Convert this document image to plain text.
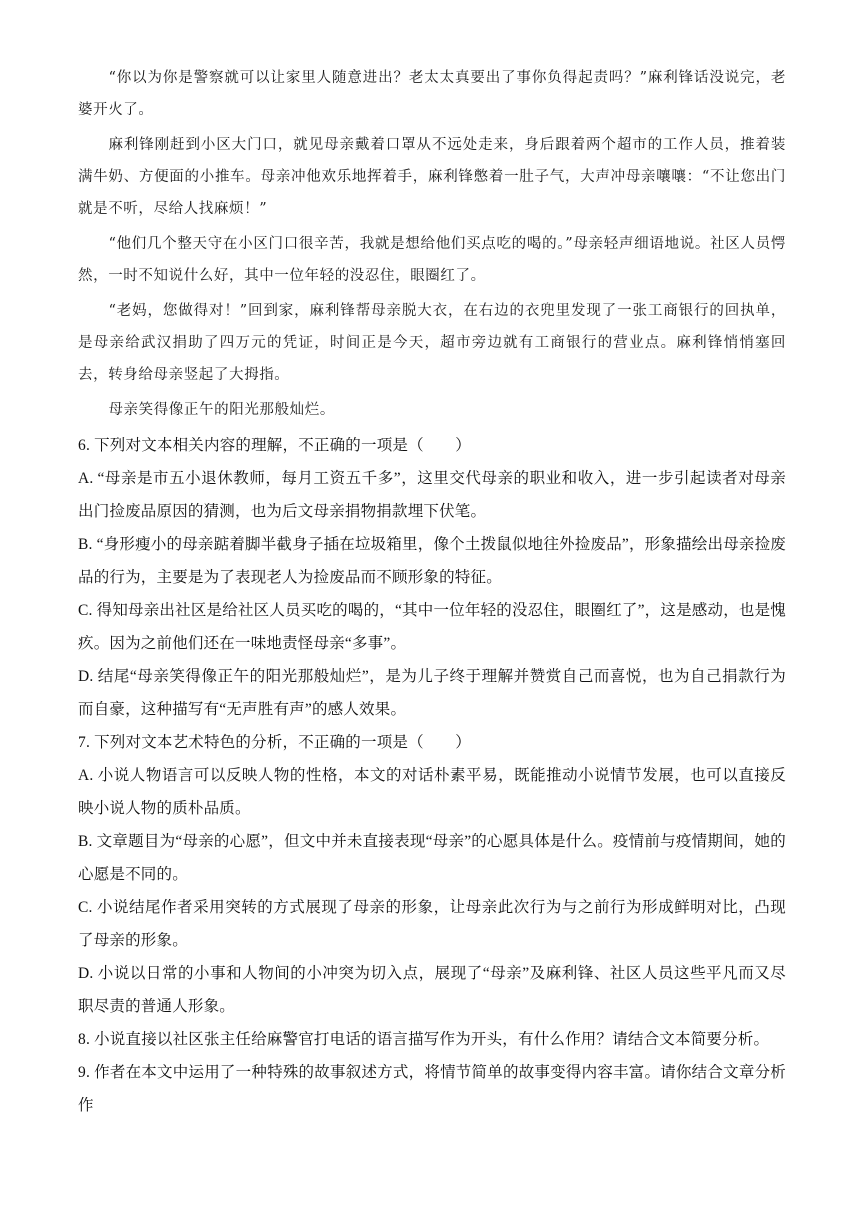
“你以为你是警察就可以让家里人随意进出？老太太真要出了事你负得起责吗？”麻利锋话没说完，老婆开火了。

麻利锋刚赶到小区大门口，就见母亲戴着口罩从不远处走来，身后跟着两个超市的工作人员，推着装满牛奶、方便面的小推车。母亲冲他欢乐地挥着手，麻利锋憋着一肚子气，大声冲母亲嚷嚷：“不让您出门就是不听，尽给人找麻烦！”

“他们几个整天守在小区门口很辛苦，我就是想给他们买点吃的喝的。”母亲轻声细语地说。社区人员愕然，一时不知说什么好，其中一位年轻的没忍住，眼圈红了。

“老妈，您做得对！”回到家，麻利锋帮母亲脱大衣，在右边的衣兜里发现了一张工商银行的回执单，是母亲给武汉捐助了四万元的凭证，时间正是今天，超市旁边就有工商银行的营业点。麻利锋悄悄塞回去，转身给母亲竖起了大拇指。

母亲笑得像正午的阳光那般灿烂。

6. 下列对文本相关内容的理解，不正确的一项是（　　）

A. “母亲是市五小退休教师，每月工资五千多”，这里交代母亲的职业和收入，进一步引起读者对母亲出门捡废品原因的猜测，也为后文母亲捐物捐款埋下伏笔。

B. “身形瘦小的母亲踮着脚半截身子插在垃圾箱里，像个土拨鼠似地往外捡废品”，形象描绘出母亲捡废品的行为，主要是为了表现老人为捡废品而不顾形象的特征。

C. 得知母亲出社区是给社区人员买吃的喝的，“其中一位年轻的没忍住，眼圈红了”，这是感动，也是愧疚。因为之前他们还在一味地责怪母亲“多事”。

D. 结尾“母亲笑得像正午的阳光那般灿烂”，是为儿子终于理解并赞赏自己而喜悦，也为自己捐款行为而自豪，这种描写有“无声胜有声”的感人效果。

7. 下列对文本艺术特色的分析，不正确的一项是（　　）

A. 小说人物语言可以反映人物的性格，本文的对话朴素平易，既能推动小说情节发展，也可以直接反映小说人物的质朴品质。

B. 文章题目为“母亲的心愿”，但文中并未直接表现“母亲”的心愿具体是什么。疫情前与疫情期间，她的心愿是不同的。

C. 小说结尾作者采用突转的方式展现了母亲的形象，让母亲此次行为与之前行为形成鲜明对比，凸现了母亲的形象。

D. 小说以日常的小事和人物间的小冲突为切入点，展现了“母亲”及麻利锋、社区人员这些平凡而又尽职尽责的普通人形象。

8. 小说直接以社区张主任给麻警官打电话的语言描写作为开头，有什么作用？请结合文本简要分析。

9. 作者在本文中运用了一种特殊的故事叙述方式，将情节简单的故事变得内容丰富。请你结合文章分析作
